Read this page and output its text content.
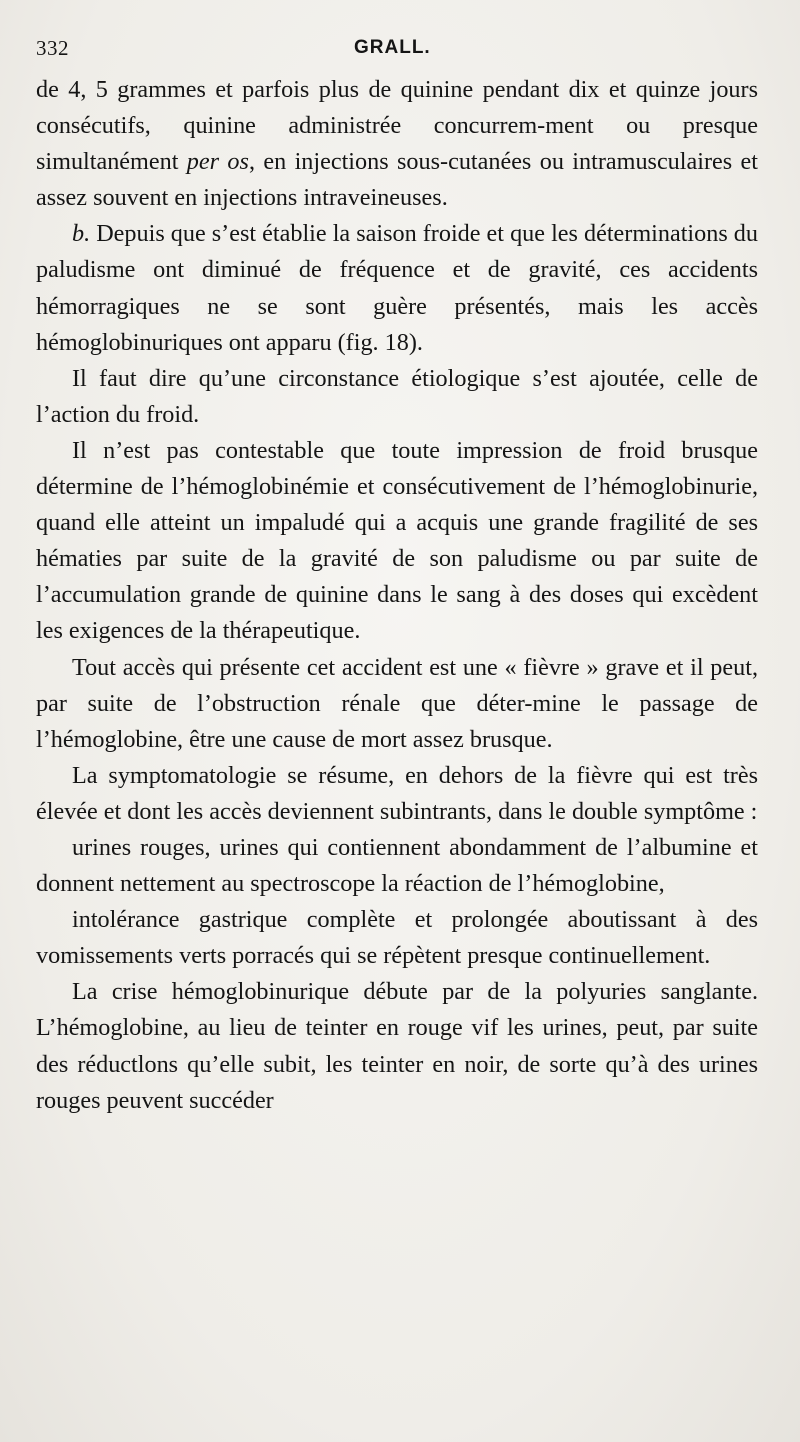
332	GRALL.

de 4, 5 grammes et parfois plus de quinine pendant dix et quinze jours consécutifs, quinine administrée concurrem-ment ou presque simultanément per os, en injections sous-cutanées ou intramusculaires et assez souvent en injections intraveineuses.

b. Depuis que s’est établie la saison froide et que les déterminations du paludisme ont diminué de fréquence et de gravité, ces accidents hémorragiques ne se sont guère présentés, mais les accès hémoglobinuriques ont apparu (fig. 18).

Il faut dire qu’une circonstance étiologique s’est ajoutée, celle de l’action du froid.

Il n’est pas contestable que toute impression de froid brusque détermine de l’hémoglobinémie et consécutivement de l’hémoglobinurie, quand elle atteint un impaludé qui a acquis une grande fragilité de ses hématies par suite de la gravité de son paludisme ou par suite de l’accumulation grande de quinine dans le sang à des doses qui excèdent les exigences de la thérapeutique.

Tout accès qui présente cet accident est une « fièvre » grave et il peut, par suite de l’obstruction rénale que déter-mine le passage de l’hémoglobine, être une cause de mort assez brusque.

La symptomatologie se résume, en dehors de la fièvre qui est très élevée et dont les accès deviennent subintrants, dans le double symptôme :

urines rouges, urines qui contiennent abondamment de l’albumine et donnent nettement au spectroscope la réaction de l’hémoglobine,

intolérance gastrique complète et prolongée aboutissant à des vomissements verts porracés qui se répètent presque continuellement.

La crise hémoglobinurique débute par de la polyuries sanglante. L’hémoglobine, au lieu de teinter en rouge vif les urines, peut, par suite des réductlons qu’elle subit, les teinter en noir, de sorte qu’à des urines rouges peuvent succéder
